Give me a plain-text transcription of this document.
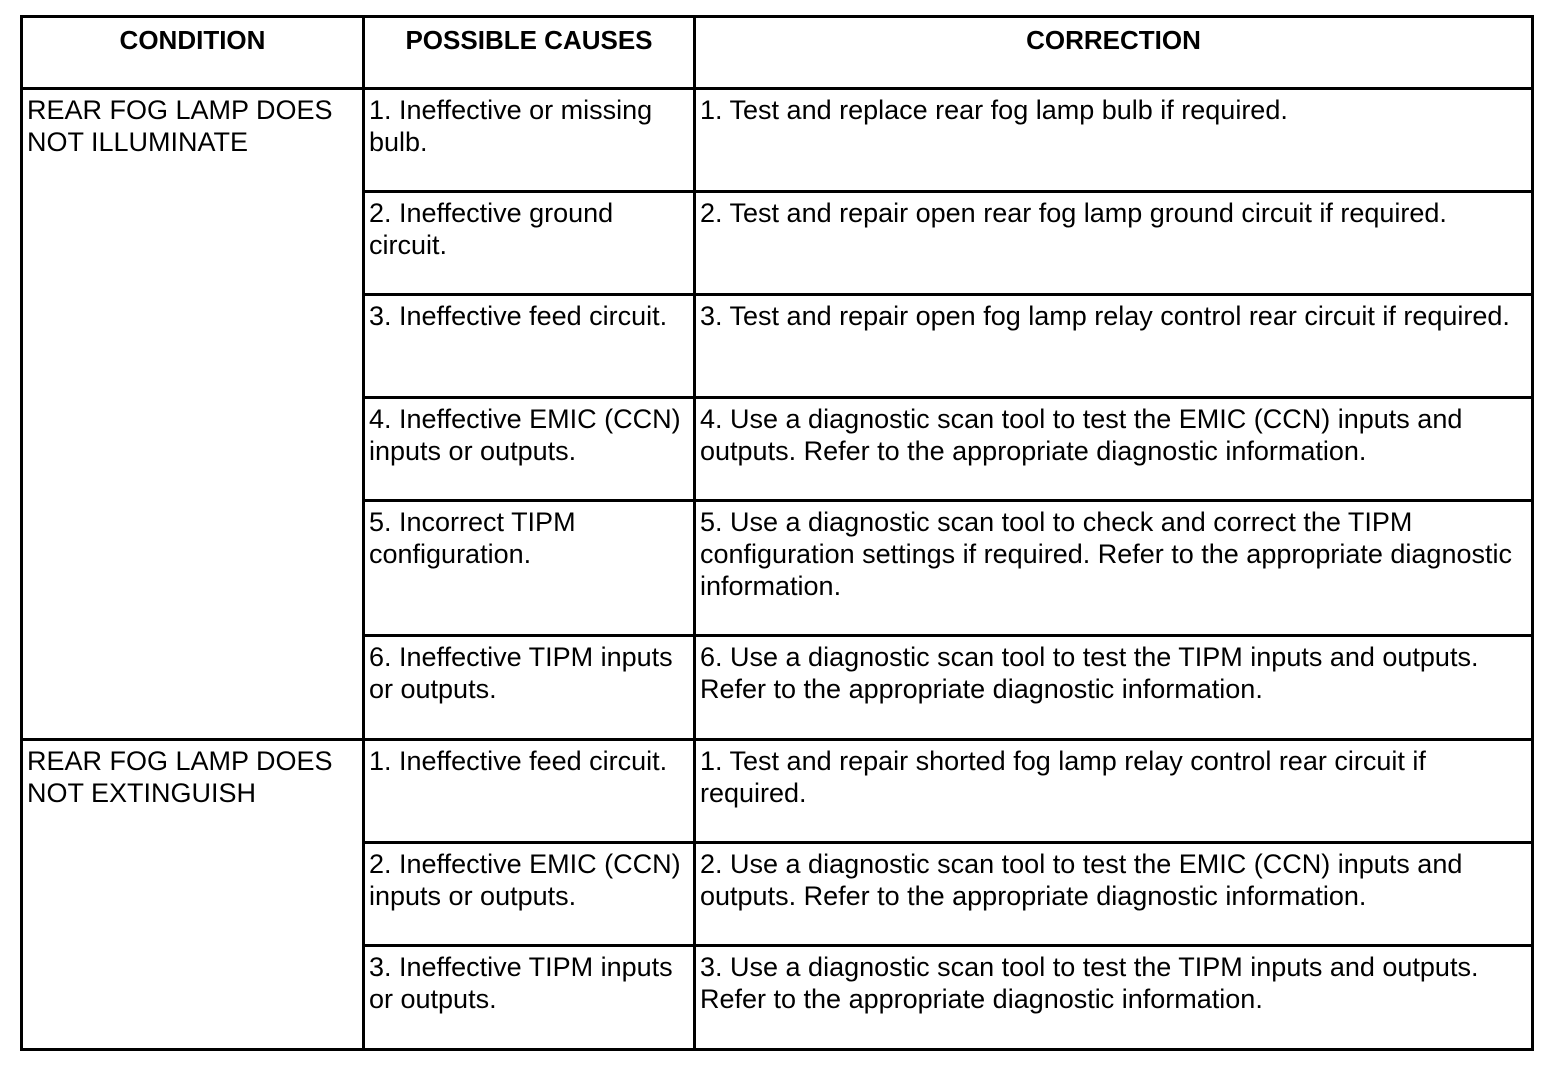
CONDITION	POSSIBLE CAUSES	CORRECTION
REAR FOG LAMP DOES NOT ILLUMINATE	1. Ineffective or missing bulb.	1. Test and replace rear fog lamp bulb if required.
	2. Ineffective ground circuit.	2. Test and repair open rear fog lamp ground circuit if required.
	3. Ineffective feed circuit.	3. Test and repair open fog lamp relay control rear circuit if required.
	4. Ineffective EMIC (CCN) inputs or outputs.	4. Use a diagnostic scan tool to test the EMIC (CCN) inputs and outputs. Refer to the appropriate diagnostic information.
	5. Incorrect TIPM configuration.	5. Use a diagnostic scan tool to check and correct the TIPM configuration settings if required. Refer to the appropriate diagnostic information.
	6. Ineffective TIPM inputs or outputs.	6. Use a diagnostic scan tool to test the TIPM inputs and outputs. Refer to the appropriate diagnostic information.
REAR FOG LAMP DOES NOT EXTINGUISH	1. Ineffective feed circuit.	1. Test and repair shorted fog lamp relay control rear circuit if required.
	2. Ineffective EMIC (CCN) inputs or outputs.	2. Use a diagnostic scan tool to test the EMIC (CCN) inputs and outputs. Refer to the appropriate diagnostic information.
	3. Ineffective TIPM inputs or outputs.	3. Use a diagnostic scan tool to test the TIPM inputs and outputs. Refer to the appropriate diagnostic information.
